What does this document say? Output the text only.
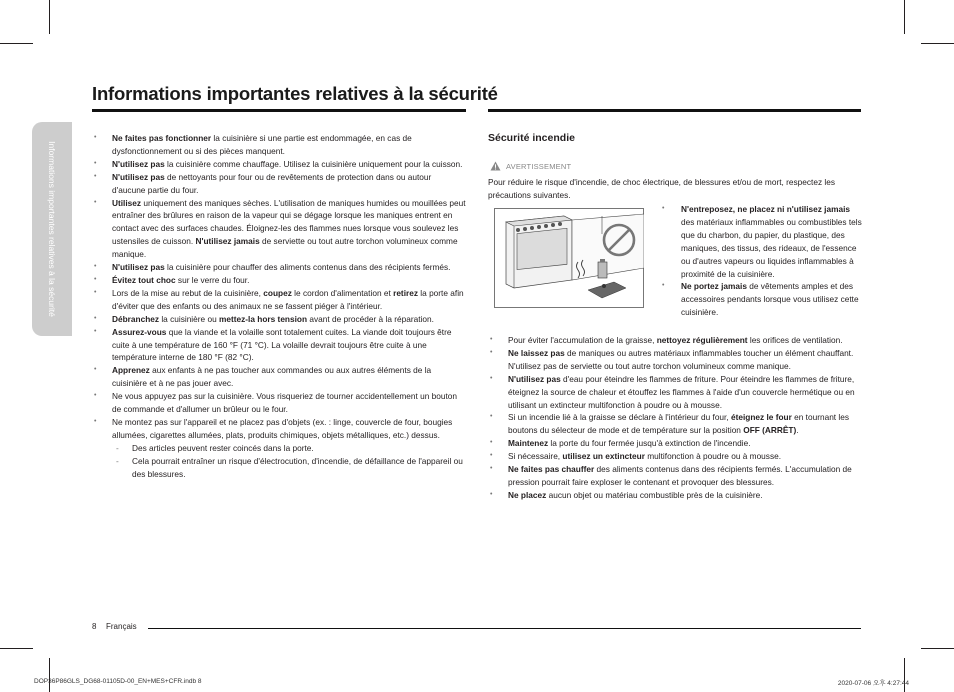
Informations importantes relatives à la sécurité
Informations importantes relatives à la sécurité
• Ne faites pas fonctionner la cuisinière si une partie est endommagée, en cas de dysfonctionnement ou si des pièces manquent.
• N'utilisez pas la cuisinière comme chauffage. Utilisez la cuisinière uniquement pour la cuisson.
• N'utilisez pas de nettoyants pour four ou de revêtements de protection dans ou autour d'aucune partie du four.
• Utilisez uniquement des maniques sèches. L'utilisation de maniques humides ou mouillées peut entraîner des brûlures en raison de la vapeur qui se dégage lorsque les maniques entrent en contact avec des surfaces chaudes. Éloignez-les des flammes nues lorsque vous soulevez les ustensiles de cuisson. N'utilisez jamais de serviette ou tout autre torchon volumineux comme manique.
• N'utilisez pas la cuisinière pour chauffer des aliments contenus dans des récipients fermés.
• Évitez tout choc sur le verre du four.
• Lors de la mise au rebut de la cuisinière, coupez le cordon d'alimentation et retirez la porte afin d'éviter que des enfants ou des animaux ne se fassent piéger à l'intérieur.
• Débranchez la cuisinière ou mettez-la hors tension avant de procéder à la réparation.
• Assurez-vous que la viande et la volaille sont totalement cuites. La viande doit toujours être cuite à une température de 160 °F (71 °C). La volaille devrait toujours être cuite à une température interne de 180 °F (82 °C).
• Apprenez aux enfants à ne pas toucher aux commandes ou aux autres éléments de la cuisinière et à ne pas jouer avec.
• Ne vous appuyez pas sur la cuisinière. Vous risqueriez de tourner accidentellement un bouton de commande et d'allumer un brûleur ou le four.
• Ne montez pas sur l'appareil et ne placez pas d'objets (ex. : linge, couvercle de four, bougies allumées, cigarettes allumées, plats, produits chimiques, objets métalliques, etc.) dessus.
- Des articles peuvent rester coincés dans la porte.
- Cela pourrait entraîner un risque d'électrocution, d'incendie, de défaillance de l'appareil ou des blessures.
Sécurité incendie
AVERTISSEMENT

Pour réduire le risque d'incendie, de choc électrique, de blessures et/ou de mort, respectez les précautions suivantes.

• N'entreposez, ne placez ni n'utilisez jamais des matériaux inflammables ou combustibles tels que du charbon, du papier, du plastique, des maniques, des tissus, des rideaux, de l'essence ou d'autres vapeurs ou liquides inflammables à proximité de la cuisinière.
• Ne portez jamais de vêtements amples et des accessoires pendants lorsque vous utilisez cette cuisinière.
• Pour éviter l'accumulation de la graisse, nettoyez régulièrement les orifices de ventilation.
• Ne laissez pas de maniques ou autres matériaux inflammables toucher un élément chauffant. N'utilisez pas de serviette ou tout autre torchon volumineux comme manique.
• N'utilisez pas d'eau pour éteindre les flammes de friture. Pour éteindre les flammes de friture, éteignez la source de chaleur et étouffez les flammes à l'aide d'un couvercle hermétique ou en utilisant un extincteur multifonction à poudre ou à mousse.
• Si un incendie lié à la graisse se déclare à l'intérieur du four, éteignez le four en tournant les boutons du sélecteur de mode et de température sur la position OFF (ARRÊT).
• Maintenez la porte du four fermée jusqu'à extinction de l'incendie.
• Si nécessaire, utilisez un extincteur multifonction à poudre ou à mousse.
• Ne faites pas chauffer des aliments contenus dans des récipients fermés. L'accumulation de pression pourrait faire exploser le contenant et provoquer des blessures.
• Ne placez aucun objet ou matériau combustible près de la cuisinière.
8 Français
DOP36P86GLS_DG68-01105D-00_EN+MES+CFR.indb 8	2020-07-06 오후 4:27:44
